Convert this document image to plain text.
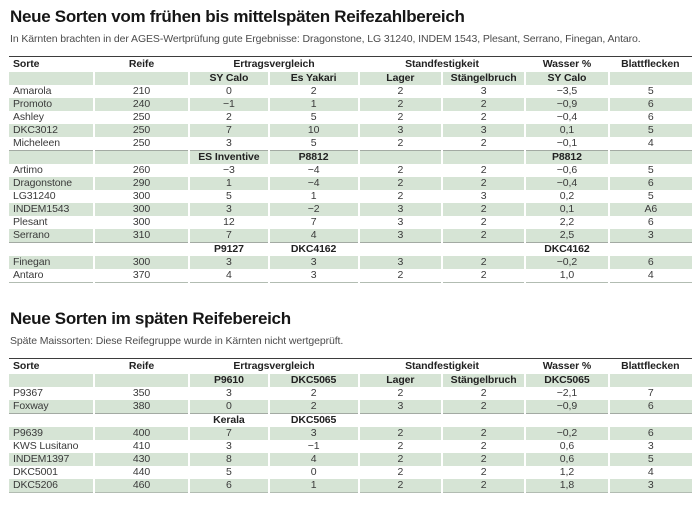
Neue Sorten vom frühen bis mittelspäten Reifezahlbereich

In Kärnten brachten in der AGES-Wertprüfung gute Ergebnisse: Dragonstone, LG 31240, INDEM 1543, Plesant, Serrano, Finegan, Antaro.

Sorte	Reife	Ertragsvergleich		Standfestigkeit		Wasser %	Blattflecken
		SY Calo	Es Yakari	Lager	Stängelbruch	SY Calo	
Amarola	210	0	2	2	3	−3,5	5
Promoto	240	−1	1	2	2	−0,9	6
Ashley	250	2	5	2	2	−0,4	6
DKC3012	250	7	10	3	3	0,1	5
Micheleen	250	3	5	2	2	−0,1	4
		ES Inventive	P8812			P8812	
Artimo	260	−3	−4	2	2	−0,6	5
Dragonstone	290	1	−4	2	2	−0,4	6
LG31240	300	5	1	2	3	0,2	5
INDEM1543	300	3	−2	3	2	0,1	A6
Plesant	300	12	7	3	2	2,2	6
Serrano	310	7	4	3	2	2,5	3
		P9127	DKC4162			DKC4162	
Finegan	300	3	3	3	2	−0,2	6
Antaro	370	4	3	2	2	1,0	4
Neue Sorten im späten Reifebereich

Späte Maissorten: Diese Reifegruppe wurde in Kärnten nicht wertgeprüft.

Sorte	Reife	Ertragsvergleich		Standfestigkeit		Wasser %	Blattflecken
		P9610	DKC5065	Lager	Stängelbruch	DKC5065	
P9367	350	3	2	2	2	−2,1	7
Foxway	380	0	2	3	2	−0,9	6
		Kerala	DKC5065				
P9639	400	7	3	2	2	−0,2	6
KWS Lusitano	410	3	−1	2	2	0,6	3
INDEM1397	430	8	4	2	2	0,6	5
DKC5001	440	5	0	2	2	1,2	4
DKC5206	460	6	1	2	2	1,8	3
